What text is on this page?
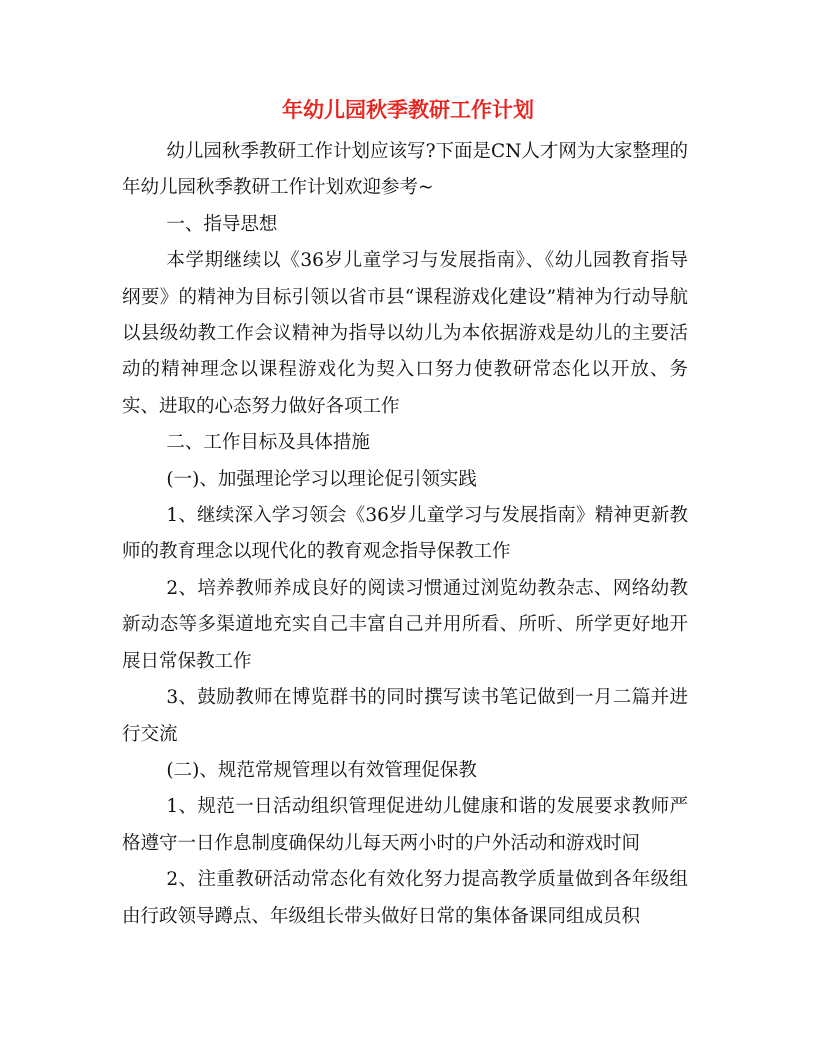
年幼儿园秋季教研工作计划

幼儿园秋季教研工作计划应该写?下面是CN人才网为大家整理的年幼儿园秋季教研工作计划欢迎参考~

一、指导思想

本学期继续以《36岁儿童学习与发展指南》、《幼儿园教育指导纲要》的精神为目标引领以省市县“课程游戏化建设”精神为行动导航以县级幼教工作会议精神为指导以幼儿为本依据游戏是幼儿的主要活动的精神理念以课程游戏化为契入口努力使教研常态化以开放、务实、进取的心态努力做好各项工作

二、工作目标及具体措施

(一)、加强理论学习以理论促引领实践

1、继续深入学习领会《36岁儿童学习与发展指南》精神更新教师的教育理念以现代化的教育观念指导保教工作

2、培养教师养成良好的阅读习惯通过浏览幼教杂志、网络幼教新动态等多渠道地充实自己丰富自己并用所看、所听、所学更好地开展日常保教工作

3、鼓励教师在博览群书的同时撰写读书笔记做到一月二篇并进行交流

(二)、规范常规管理以有效管理促保教

1、规范一日活动组织管理促进幼儿健康和谐的发展要求教师严格遵守一日作息制度确保幼儿每天两小时的户外活动和游戏时间

2、注重教研活动常态化有效化努力提高教学质量做到各年级组由行政领导蹲点、年级组长带头做好日常的集体备课同组成员积
